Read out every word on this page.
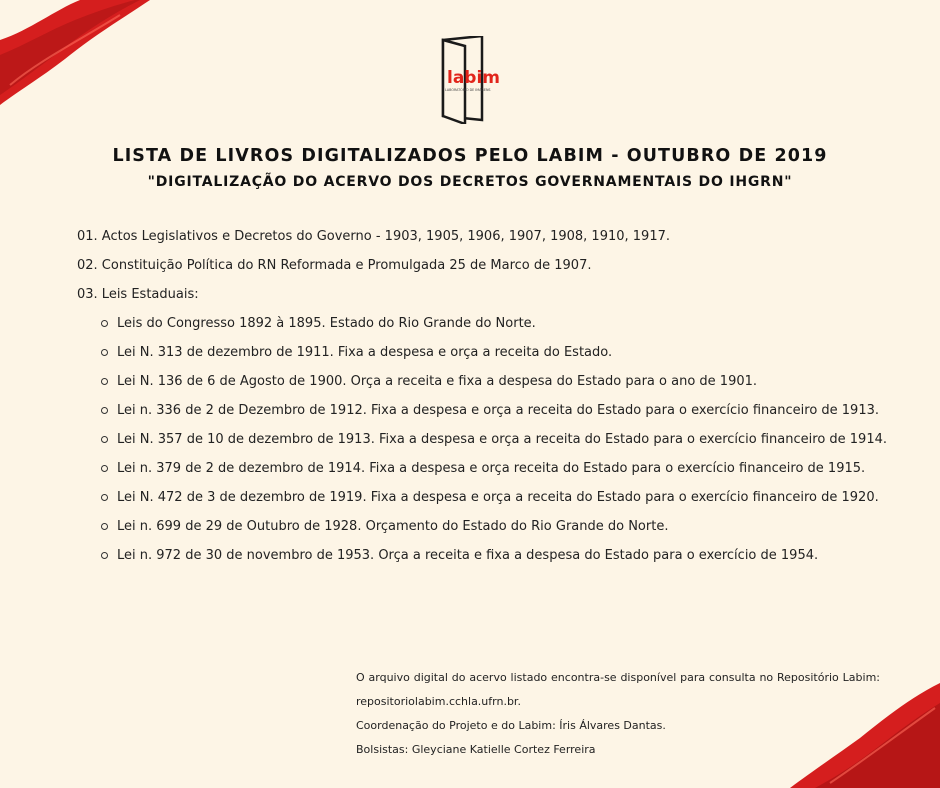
labim
LABORATÓRIO DE IMAGENS
LISTA DE LIVROS DIGITALIZADOS PELO LABIM - OUTUBRO DE 2019
"DIGITALIZAÇÃO DO ACERVO DOS DECRETOS GOVERNAMENTAIS DO IHGRN"

01. Actos Legislativos e Decretos do Governo - 1903, 1905, 1906, 1907, 1908, 1910, 1917.

02. Constituição Política do RN Reformada e Promulgada 25 de Marco de 1907.

03. Leis Estaduais:

Leis do Congresso 1892 à 1895. Estado do Rio Grande do Norte.
Lei N. 313 de dezembro de 1911. Fixa a despesa e orça a receita do Estado.
Lei N. 136 de 6 de Agosto de 1900. Orça a receita e fixa a despesa do Estado para o ano de 1901.
Lei n. 336 de 2 de Dezembro de 1912. Fixa a despesa e orça a receita do Estado para o exercício financeiro de 1913.
Lei N. 357 de 10 de dezembro de 1913. Fixa a despesa e orça a receita do Estado para o exercício financeiro de 1914.
Lei n. 379 de 2 de dezembro de 1914. Fixa a despesa e orça receita do Estado para o exercício financeiro de 1915.
Lei N. 472 de 3 de dezembro de 1919. Fixa a despesa e orça a receita do Estado para o exercício financeiro de 1920.
Lei n. 699 de 29 de Outubro de 1928. Orçamento do Estado do Rio Grande do Norte.
Lei n. 972 de 30 de novembro de 1953. Orça a receita e fixa a despesa do Estado para o exercício de 1954.
O arquivo digital do acervo listado encontra-se disponível para consulta no Repositório Labim: repositoriolabim.cchla.ufrn.br.
Coordenação do Projeto e do Labim: Íris Álvares Dantas.
Bolsistas: Gleyciane Katielle Cortez Ferreira
